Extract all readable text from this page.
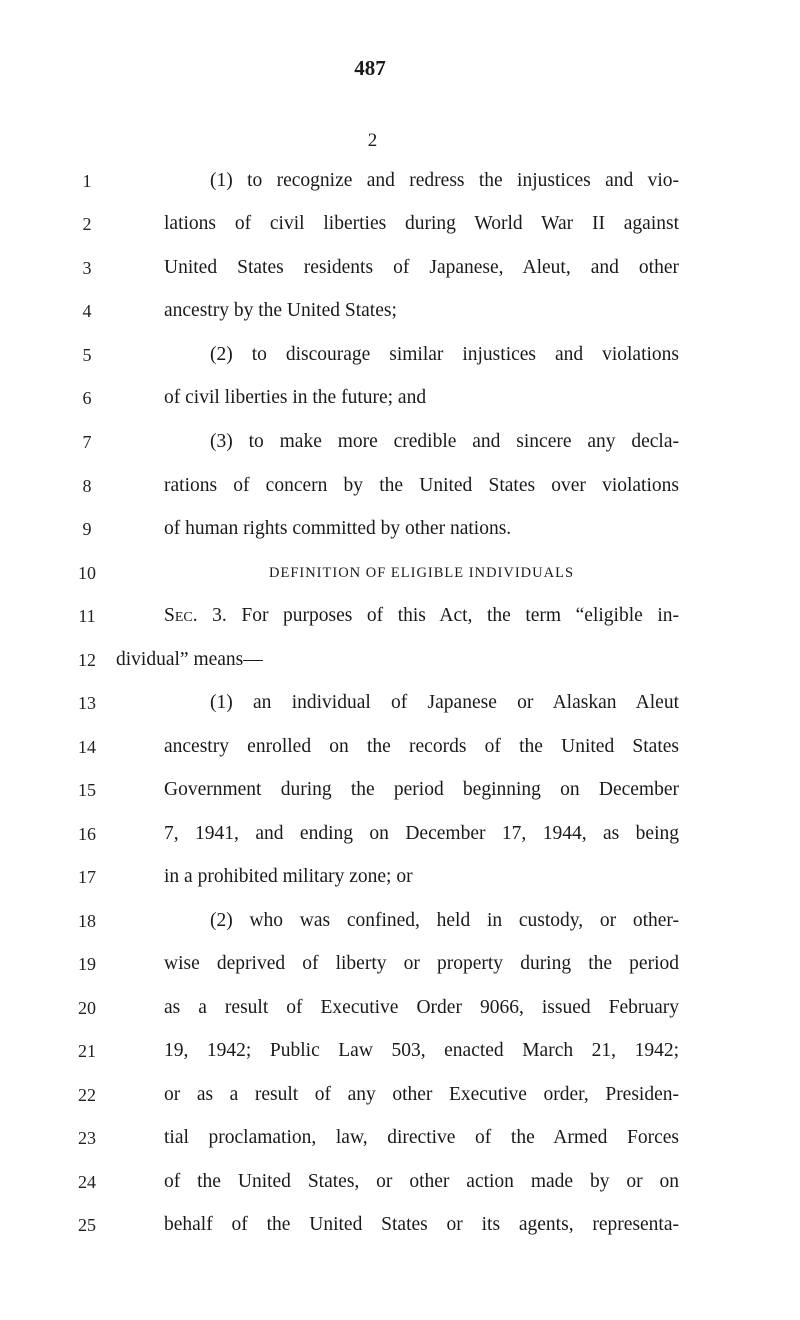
487
2
1	(1) to recognize and redress the injustices and vio-
2	lations of civil liberties during World War II against
3	United States residents of Japanese, Aleut, and other
4	ancestry by the United States;
5	(2) to discourage similar injustices and violations
6	of civil liberties in the future; and
7	(3) to make more credible and sincere any decla-
8	rations of concern by the United States over violations
9	of human rights committed by other nations.
10	DEFINITION OF ELIGIBLE INDIVIDUALS
11	Sec. 3. For purposes of this Act, the term “eligible in-
12	dividual” means—
13	(1) an individual of Japanese or Alaskan Aleut
14	ancestry enrolled on the records of the United States
15	Government during the period beginning on December
16	7, 1941, and ending on December 17, 1944, as being
17	in a prohibited military zone; or
18	(2) who was confined, held in custody, or other-
19	wise deprived of liberty or property during the period
20	as a result of Executive Order 9066, issued February
21	19, 1942; Public Law 503, enacted March 21, 1942;
22	or as a result of any other Executive order, Presiden-
23	tial proclamation, law, directive of the Armed Forces
24	of the United States, or other action made by or on
25	behalf of the United States or its agents, representa-
